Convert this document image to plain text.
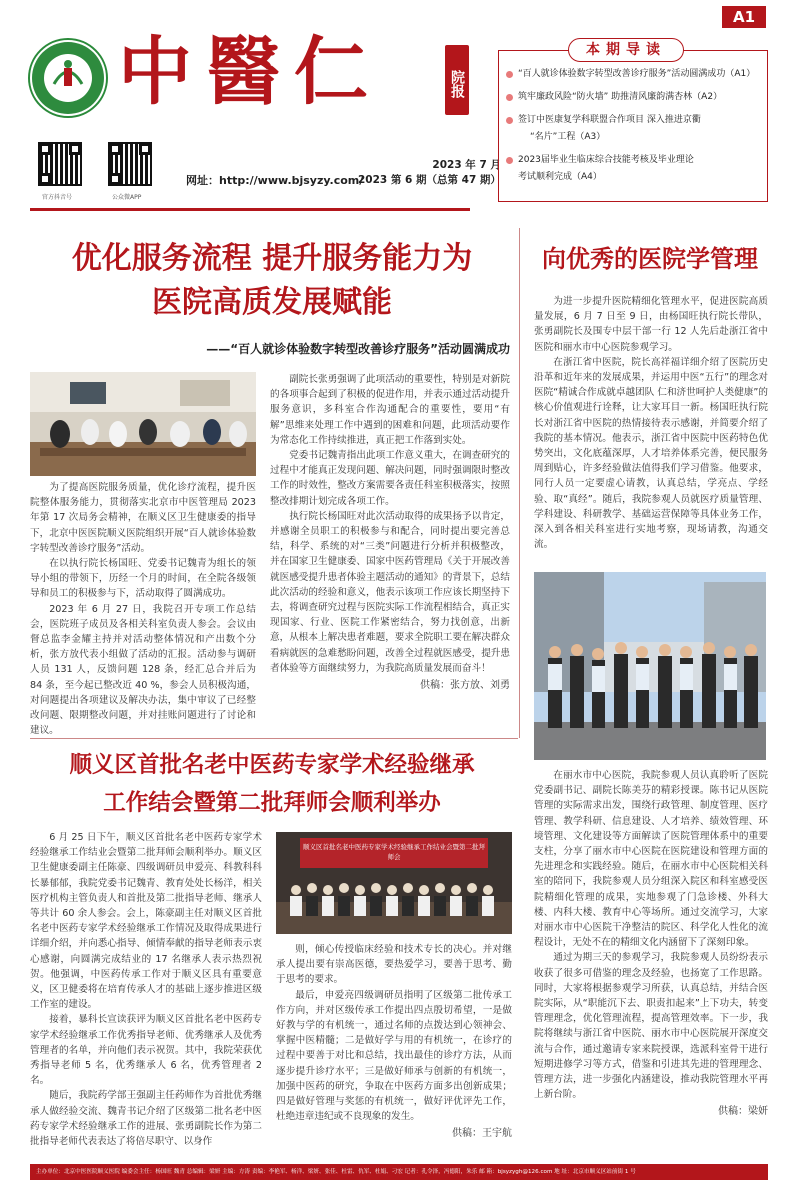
A1
中醫仁	院报
官方抖音号	公众微APP
网址：http://www.bjsyzy.com/
2023 年 7 月
2023 第 6 期（总第 47 期）
本期导读
“百人就诊体验数字转型改善诊疗服务”活动圆满成功（A1）
筑牢廉政风险“防火墙” 助推清风廉韵满杏林（A2）
签订中医康复学科联盟合作项目 深入推进京衢
“名片”工程（A3）
2023届毕业生临床综合技能考核及毕业理论
考试顺利完成（A4）
优化服务流程 提升服务能力为
医院高质发展赋能
——“百人就诊体验数字转型改善诊疗服务”活动圆满成功

为了提高医院服务质量，优化诊疗流程，提升医院整体服务能力，贯彻落实北京市中医管理局 2023 年第 17 次局务会精神，在顺义区卫生健康委的指导下，北京中医医院顺义医院组织开展“百人就诊体验数字转型改善诊疗服务”活动。

在以执行院长杨国旺、党委书记魏青为组长的领导小组的带领下，历经一个月的时间，在全院各级领导和员工的积极参与下，活动取得了圆满成功。

2023 年 6 月 27 日，我院召开专项工作总结会，医院班子成员及各相关科室负责人参会。会议由督总监李金耀主持并对活动整体情况和产出数个分析，张方放代表小组做了活动的汇报。活动参与调研人员 131 人，反馈问题 128 条，经汇总合并后为 84 条，至今起已整改近 40 %，参会人员积极沟通，对问题提出各项建议及解决办法，集中审议了已经整改问题、限期整改问题，并对挂账问题进行了讨论和建议。

副院长张勇强调了此项活动的重要性，特别是对新院的各项事合起到了积极的促进作用，并表示通过活动提升服务意识，多科室合作沟通配合的重要性，要用“有解”思维来处理工作中遇到的困难和问题，此项活动要作为常态化工作持续推进，真正把工作落到实处。

党委书记魏青指出此项工作意义重大，在调查研究的过程中才能真正发现问题、解决问题，同时强调限时整改工作的时效性，整改方案需要各责任科室积极落实，按照整改排期计划完成各项工作。

执行院长杨国旺对此次活动取得的成果扬予以肯定，并感谢全员职工的积极参与和配合，同时提出要完善总结，科学、系统的对“三类”问题进行分析并积极整改，并在国家卫生健康委、国家中医药管理局《关于开展改善就医感受提升患者体验主题活动的通知》的背景下，总结此次活动的经验和意义，他表示该项工作应该长期坚持下去，将调查研究过程与医院实际工作流程相结合，真正实现国家、行业、医院工作紧密结合，努力找创意，出新意，从根本上解决患者难题，要求全院职工要在解决群众看病就医的急难愁盼问题，改善全过程就医感受，提升患者体验等方面继续努力，为我院高质量发展而奋斗！

供稿：张方放、刘勇
向优秀的医院学管理

为进一步提升医院精细化管理水平，促进医院高质量发展，6 月 7 日至 9 日，由杨国旺执行院长带队，张勇副院长及围专中层干部一行 12 人先后赴浙江省中医院和丽水市中心医院参观学习。

在浙江省中医院，院长高祥福详细介绍了医院历史沿革和近年来的发展成果，并运用中医“五行”的理念对医院“精诚合作成就卓越团队 仁和济世呵护人类健康”的核心价值观进行诠释，让大家耳目一新。杨国旺执行院长对浙江省中医院的热情接待表示感谢，并简要介绍了我院的基本情况。他表示，浙江省中医院中医药特色优势突出，文化底蕴深厚，人才培养体系完善，便民服务周到贴心，许多经验做法值得我们学习借鉴。他要求，同行人员一定要虚心请教，认真总结，学亮点、学经验、取“真经”。随后，我院参观人员就医疗质量管理、学科建设、科研教学、基础运营保障等具体业务工作，深入到各相关科室进行实地考察，现场请教，沟通交流。

在丽水市中心医院，我院参观人员认真聆听了医院党委副书记、副院长陈美芬的精彩授课。陈书记从医院管理的实际需求出发，围绕行政管理、制度管理、医疗管理、教学科研、信息建设、人才培养、绩效管理、环境管理、文化建设等方面解读了医院管理体系中的重要支柱，分享了丽水市中心医院在医院建设和管理方面的先进理念和实践经验。随后，在丽水市中心医院相关科室的陪同下，我院参观人员分组深入院区和科室感受医院精细化管理的成果，实地参观了门急诊楼、外科大楼、内科大楼、教育中心等场所。通过交流学习，大家对丽水市中心医院干净整洁的院区、科学化人性化的流程设计，无处不在的精细文化内涵留下了深刻印象。

通过为期三天的参观学习，我院参观人员纷纷表示收获了很多可借鉴的理念及经验，也扬宽了工作思路。同时，大家将根据参观学习所获，认真总结，并结合医院实际，从“职能沉下去、职责扣起来”上下功夫，转变管理理念，优化管理流程，提高管理效率。下一步，我院将继续与浙江省中医院、丽水市中心医院展开深度交流与合作，通过邀请专家来院授课，选派科室骨干进行短期进修学习等方式，借鉴和引进其先进的管理理念、管理方法，进一步强化内涵建设，推动我院管理水平再上新台阶。

供稿：梁妍
顺义区首批名老中医药专家学术经验继承
工作结会暨第二批拜师会顺利举办

6 月 25 日下午，顺义区首批名老中医药专家学术经验继承工作结业会暨第二批拜师会顺利举办。顺义区卫生健康委副主任陈豪、四级调研员申爱亮、科教科科长暴郁郁，我院党委书记魏青、教育处处长杨洋，相关医疗机构主管负责人和首批及第二批指导老师、继承人等共计 60 余人参会。会上，陈豪副主任对顺义区首批名老中医药专家学术经验继承工作情况及取得成果进行详细介绍，并向悉心指导、倾情奉献的指导老师表示衷心感谢，向圆满完成结业的 17 名继承人表示热烈祝贺。他强调，中医药传承工作对于顺义区具有重要意义，区卫健委将在培育传承人才的基础上逐步推进区级工作室的建设。

接着，暴科长宣读获评为顺义区首批名老中医药专家学术经验继承工作优秀指导老师、优秀继承人及优秀管理者的名单，并向他们表示祝贺。其中，我院荣获优秀指导老师 5 名，优秀继承人 6 名，优秀管理者 2 名。

随后，我院药学部王强副主任药师作为首批优秀继承人做经验交流、魏青书记介绍了区级第二批名老中医药专家学术经验继承工作的进展、张勇副院长作为第二批指导老师代表表达了将倍尽职守、以身作

顺义区首批名老中医药专家学术经验继承工作结业会暨第二批拜师会

则，倾心传授临床经验和技术专长的决心。并对继承人提出要有崇高医德，要热爱学习，要善于思考、勤于思考的要求。

最后，申爱亮四级调研员指明了区级第二批传承工作方向，并对区级传承工作提出四点殷切希望，一是做好教与学的有机统一，通过名师的点拨达到心领神会、掌握中医精髓；二是做好学与用的有机统一，在诊疗的过程中要善于对比和总结，找出最佳的诊疗方法，从而逐步提升诊疗水平；三是做好师承与创新的有机统一，加强中医药的研究，争取在中医药方面多出创新成果；四是做好管理与奖惩的有机统一，做好评优评先工作，杜绝违章违纪或不良现象的发生。

供稿：王宇航
主办单位：北京中医医院顺义医院 编委会主任：杨国旺 魏青 总编辑：梁妍 主编：方涛 责编：李艳军、杨洋、梁妍、张佳、杜雷、仇军、杜娟、刁宏 记者：孔令泽，冯德阳，朱乐 邮 箱：bjsyzygh@126.com 地 址：北京市顺义区站前街 1 号
